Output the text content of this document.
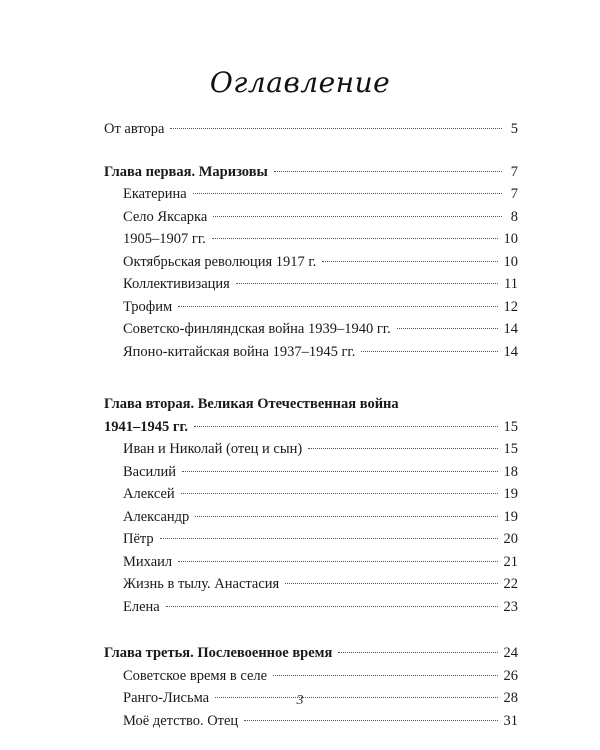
Оглавление
От автора	5
Глава первая. Маризовы	7
Екатерина	7
Село Яксарка	8
1905–1907 гг.	10
Октябрьская революция 1917 г.	10
Коллективизация	11
Трофим	12
Советско-финляндская война 1939–1940 гг.	14
Японо-китайская война 1937–1945 гг.	14
Глава вторая. Великая Отечественная война
1941–1945 гг.	15
Иван и Николай (отец и сын)	15
Василий	18
Алексей	19
Александр	19
Пётр	20
Михаил	21
Жизнь в тылу. Анастасия	22
Елена	23
Глава третья. Послевоенное время	24
Советское время в селе	26
Ранго-Лисьма	28
Моё детство. Отец	31
3
